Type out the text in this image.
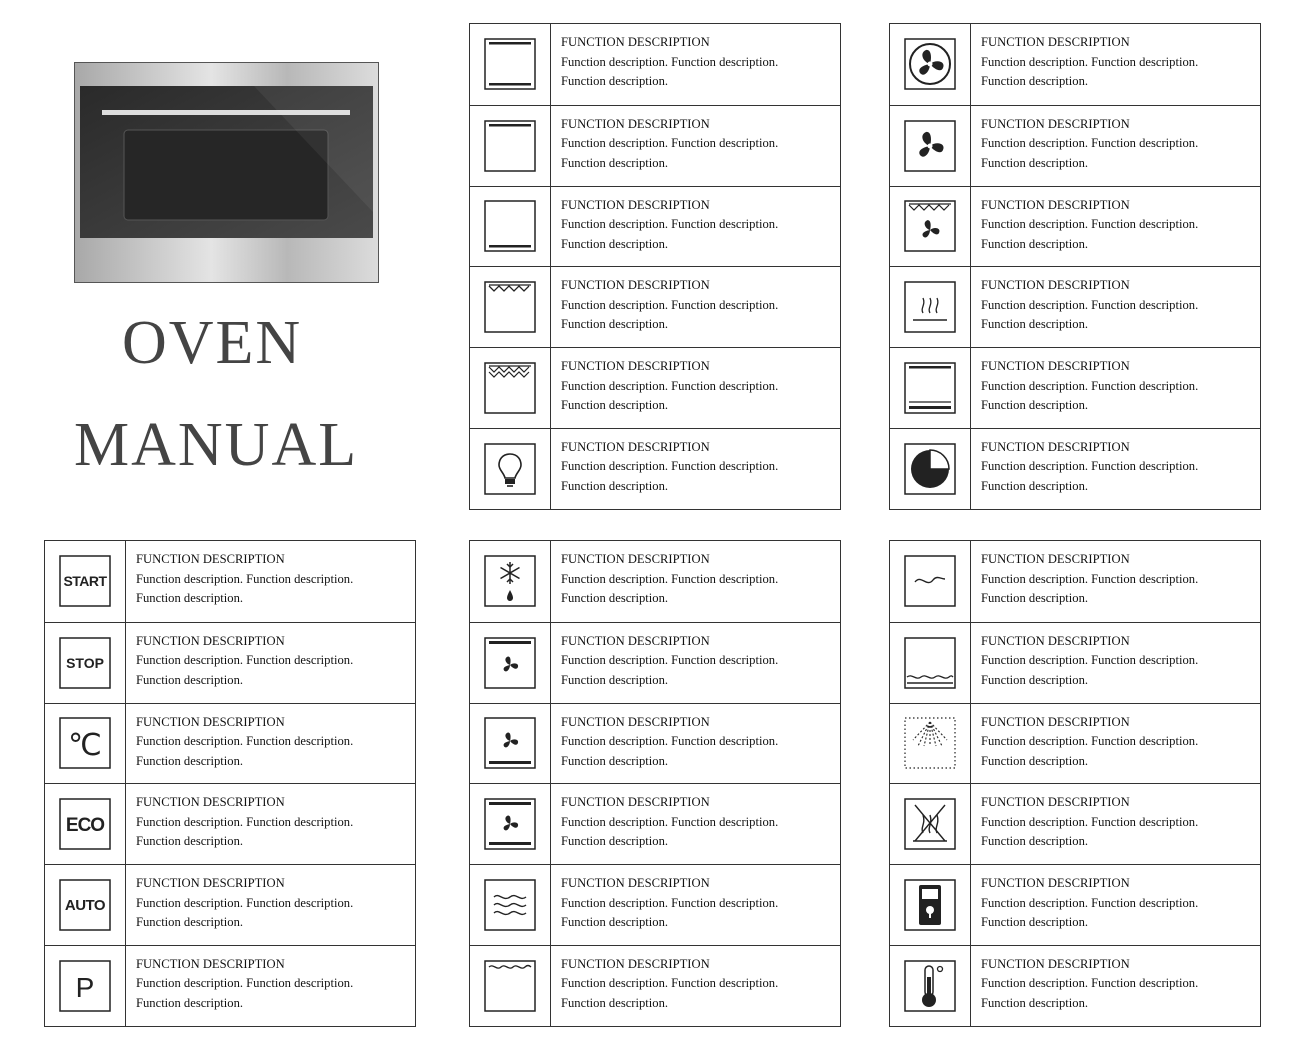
OVEN
MANUAL
FUNCTION DESCRIPTION
Function description. Function description.
Function description.
FUNCTION DESCRIPTION
Function description. Function description.
Function description.
FUNCTION DESCRIPTION
Function description. Function description.
Function description.
FUNCTION DESCRIPTION
Function description. Function description.
Function description.
FUNCTION DESCRIPTION
Function description. Function description.
Function description.
FUNCTION DESCRIPTION
Function description. Function description.
Function description.
FUNCTION DESCRIPTION
Function description. Function description.
Function description.
FUNCTION DESCRIPTION
Function description. Function description.
Function description.
FUNCTION DESCRIPTION
Function description. Function description.
Function description.
FUNCTION DESCRIPTION
Function description. Function description.
Function description.
FUNCTION DESCRIPTION
Function description. Function description.
Function description.
FUNCTION DESCRIPTION
Function description. Function description.
Function description.
START
FUNCTION DESCRIPTION
Function description. Function description.
Function description.
STOP
FUNCTION DESCRIPTION
Function description. Function description.
Function description.
℃
FUNCTION DESCRIPTION
Function description. Function description.
Function description.
ECO
FUNCTION DESCRIPTION
Function description. Function description.
Function description.
AUTO
FUNCTION DESCRIPTION
Function description. Function description.
Function description.
P
FUNCTION DESCRIPTION
Function description. Function description.
Function description.
FUNCTION DESCRIPTION
Function description. Function description.
Function description.
FUNCTION DESCRIPTION
Function description. Function description.
Function description.
FUNCTION DESCRIPTION
Function description. Function description.
Function description.
FUNCTION DESCRIPTION
Function description. Function description.
Function description.
FUNCTION DESCRIPTION
Function description. Function description.
Function description.
FUNCTION DESCRIPTION
Function description. Function description.
Function description.
FUNCTION DESCRIPTION
Function description. Function description.
Function description.
FUNCTION DESCRIPTION
Function description. Function description.
Function description.
FUNCTION DESCRIPTION
Function description. Function description.
Function description.
FUNCTION DESCRIPTION
Function description. Function description.
Function description.
FUNCTION DESCRIPTION
Function description. Function description.
Function description.
FUNCTION DESCRIPTION
Function description. Function description.
Function description.
